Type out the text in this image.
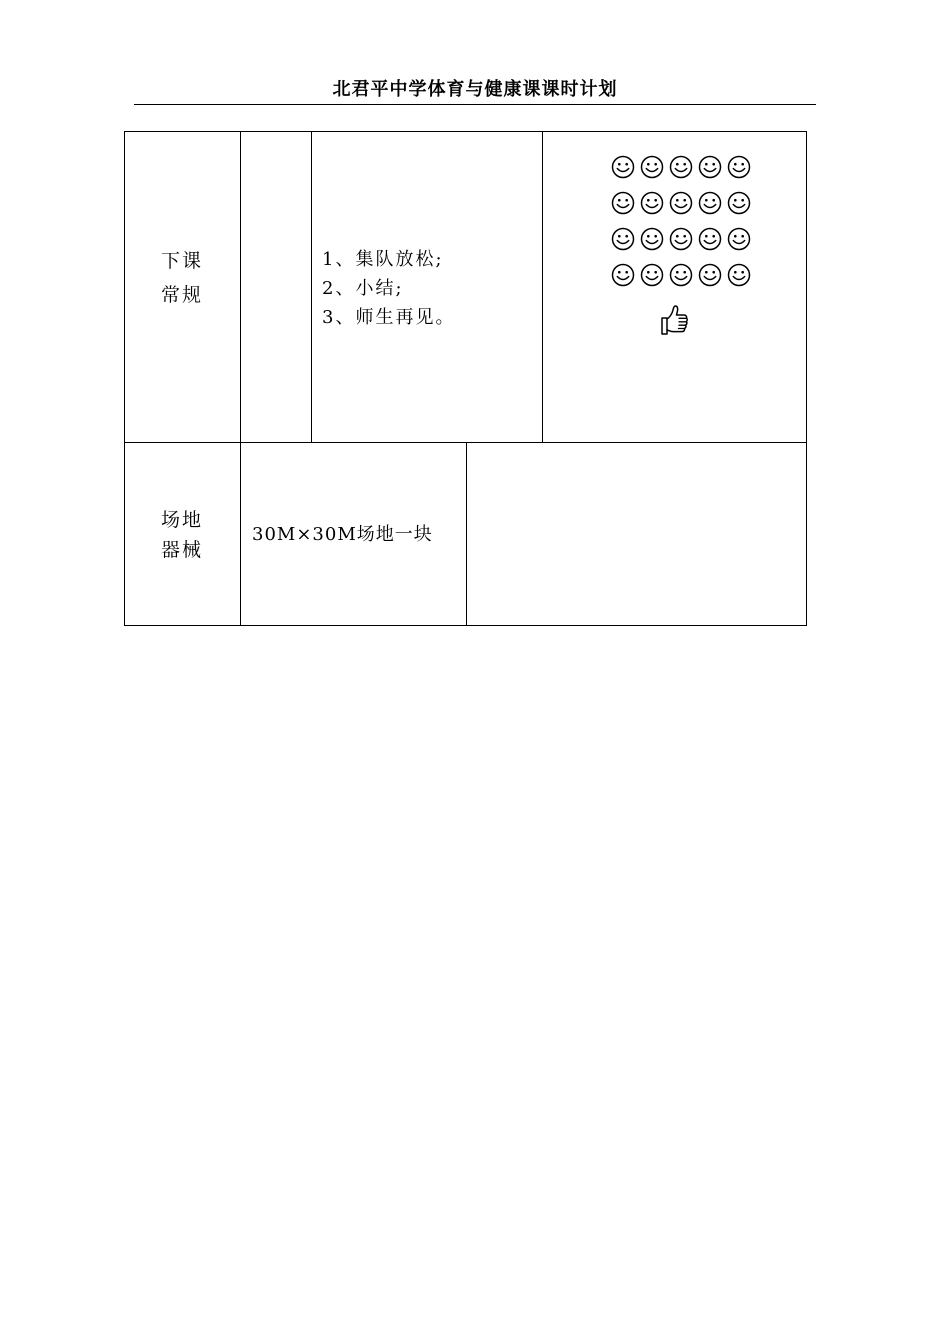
北君平中学体育与健康课课时计划
下课
常规
1、集队放松;
2、小结;
3、师生再见。
场地
器械
30M×30M场地一块
